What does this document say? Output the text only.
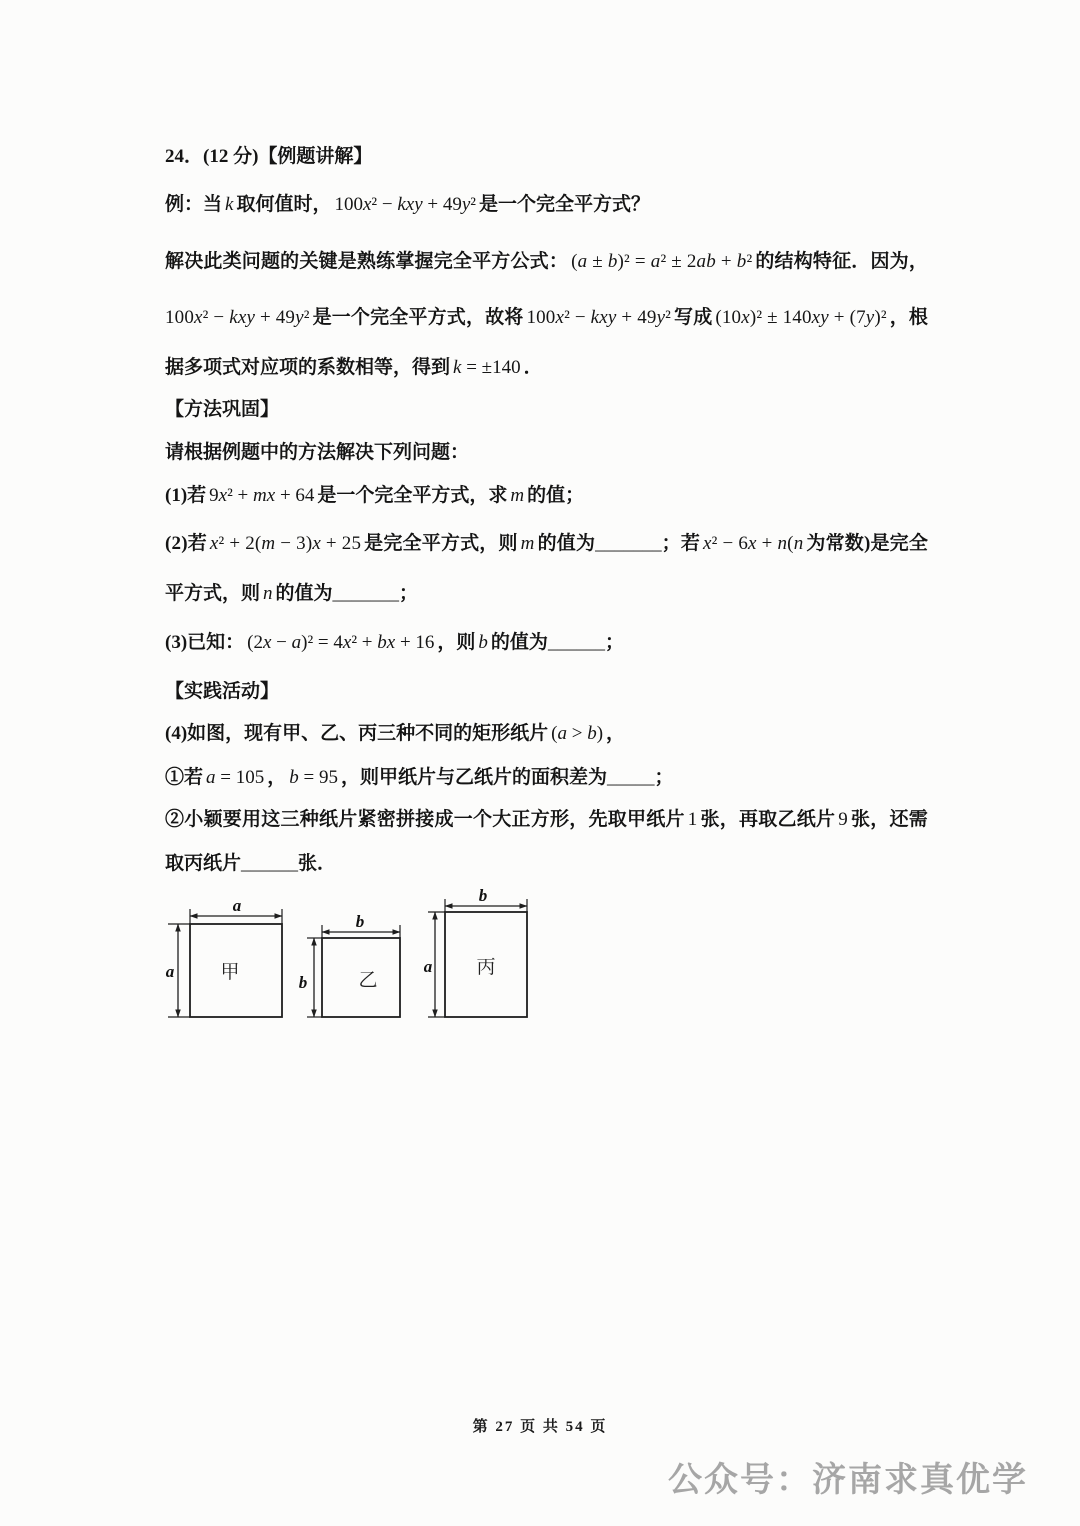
24．(12 分)【例题讲解】
例：当 k 取何值时， 100x² − kxy + 49y² 是一个完全平方式？
解决此类问题的关键是熟练掌握完全平方公式： (a ± b)² = a² ± 2ab + b² 的结构特征．因为，
100x² − kxy + 49y² 是一个完全平方式，故将 100x² − kxy + 49y² 写成 (10x)² ± 140xy + (7y)² ，根
据多项式对应项的系数相等，得到 k = ±140 ．
【方法巩固】
请根据例题中的方法解决下列问题：
(1)若 9x² + mx + 64 是一个完全平方式，求 m 的值；
(2)若 x² + 2(m − 3)x + 25 是完全平方式，则 m 的值为_______；若 x² − 6x + n(n 为常数)是完全
平方式，则 n 的值为_______；
(3)已知： (2x − a)² = 4x² + bx + 16 ，则 b 的值为______；
【实践活动】
(4)如图，现有甲、乙、丙三种不同的矩形纸片 (a > b) ，
①若 a = 105 ， b = 95 ，则甲纸片与乙纸片的面积差为_____；
②小颖要用这三种纸片紧密拼接成一个大正方形，先取甲纸片 1 张，再取乙纸片 9 张，还需
取丙纸片______张．
a
a 甲
b
b	乙
b
a 丙
第 27 页 共 54 页
公众号：济南求真优学
